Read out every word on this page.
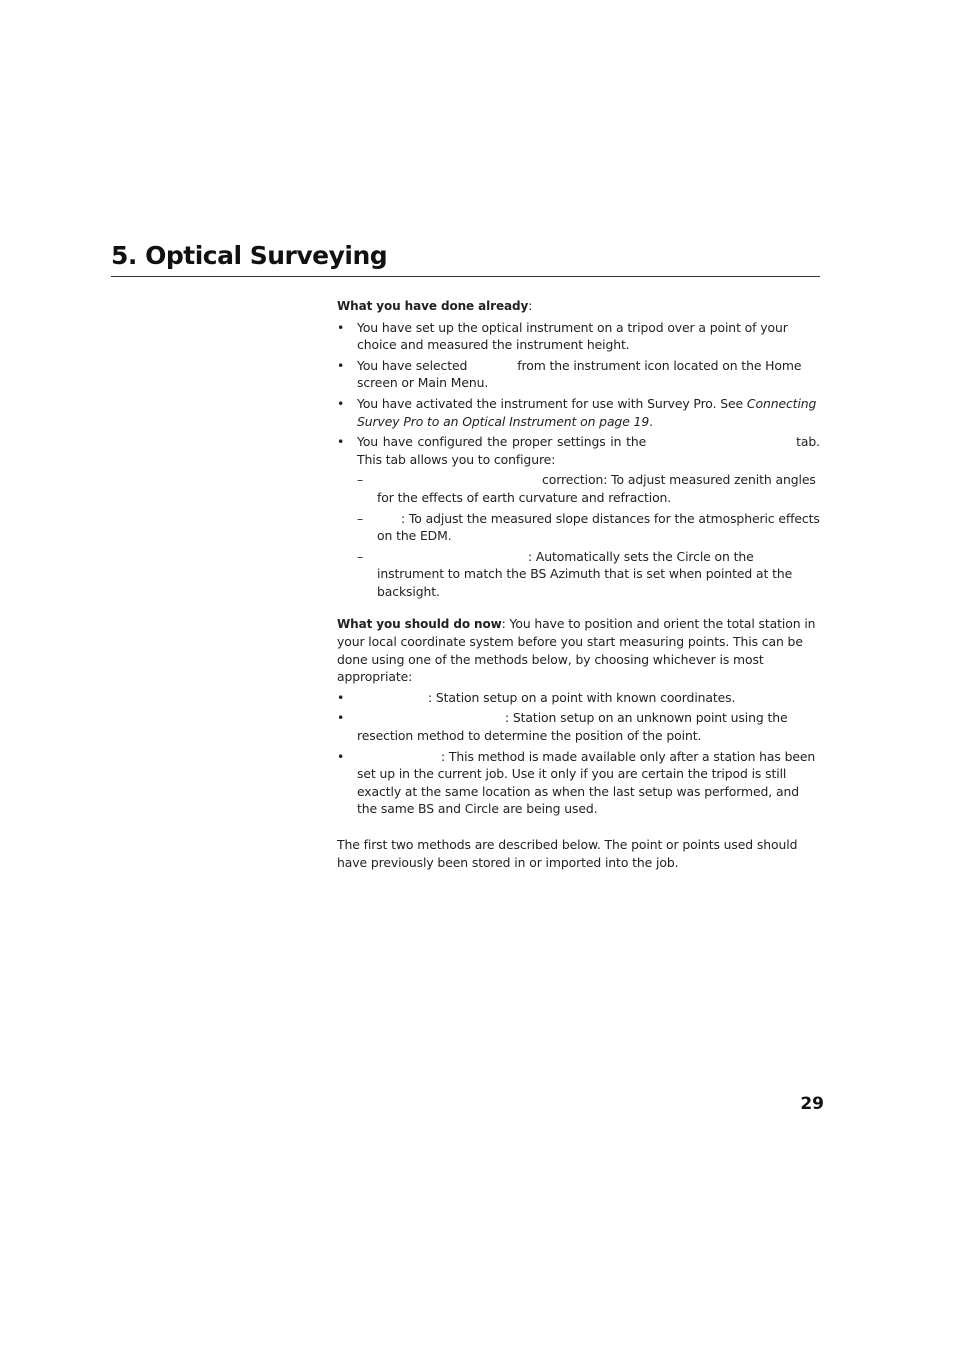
5. Optical Surveying

What you have done already:

• You have set up the optical instrument on a tripod over a point of your choice and measured the instrument height.
• You have selected	from the instrument icon located on the Home screen or Main Menu.
• You have activated the instrument for use with Survey Pro. See Connecting Survey Pro to an Optical Instrument on page 19.
• You have configured the proper settings in the	tab.
This tab allows you to configure:
– correction: To adjust measured zenith angles for the effects of earth curvature and refraction.
– : To adjust the measured slope distances for the atmospheric effects on the EDM.
– : Automatically sets the Circle on the instrument to match the BS Azimuth that is set when pointed at the backsight.

What you should do now: You have to position and orient the total station in your local coordinate system before you start measuring points. This can be done using one of the methods below, by choosing whichever is most appropriate:

• : Station setup on a point with known coordinates.
• : Station setup on an unknown point using the resection method to determine the position of the point.
• : This method is made available only after a station has been set up in the current job. Use it only if you are certain the tripod is still exactly at the same location as when the last setup was performed, and the same BS and Circle are being used.

The first two methods are described below. The point or points used should have previously been stored in or imported into the job.

29
